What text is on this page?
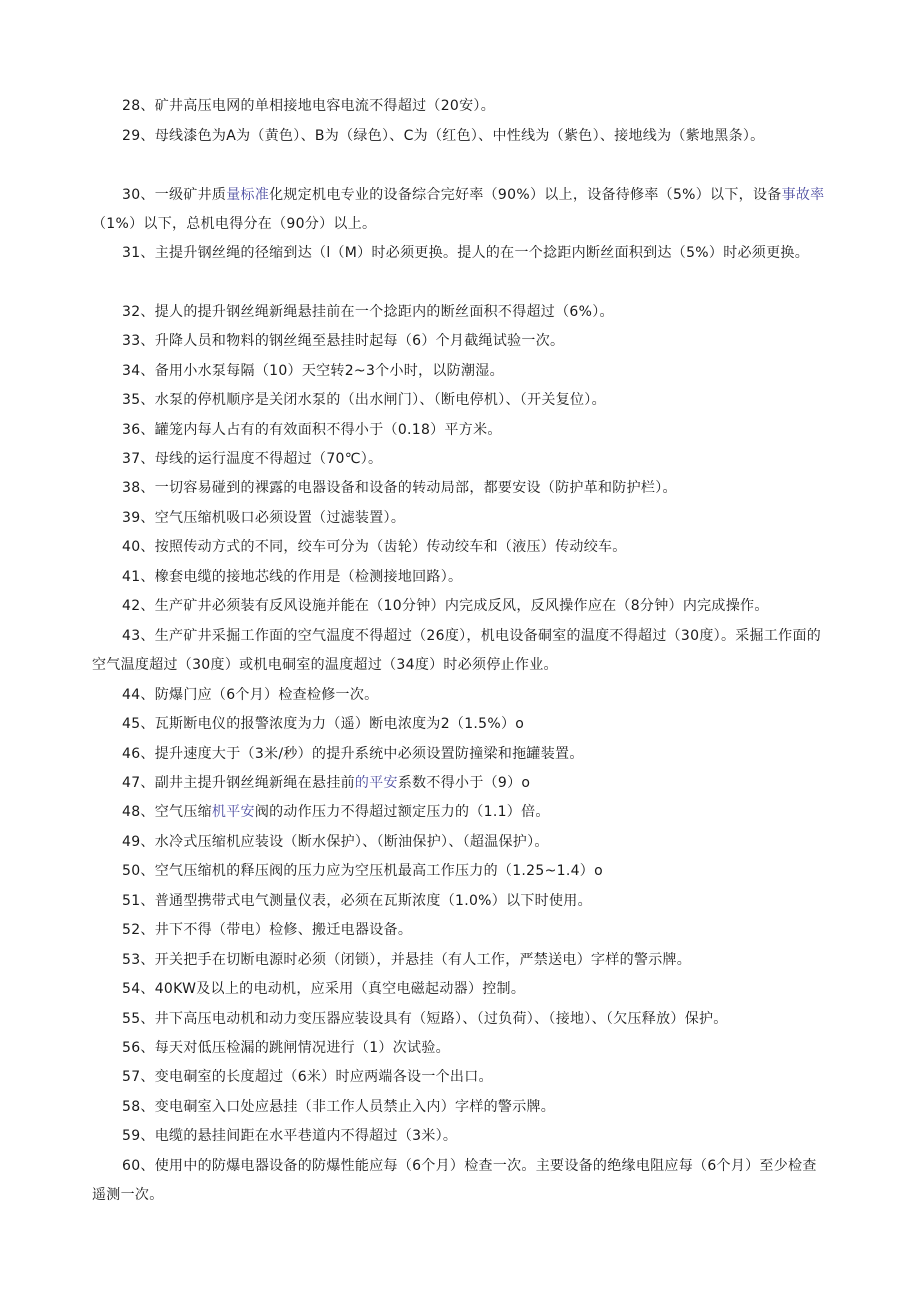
28、矿井高压电网的单相接地电容电流不得超过（20安）。

29、母线漆色为A为（黄色）、B为（绿色）、C为（红色）、中性线为（紫色）、接地线为（紫地黑条）。

30、一级矿井质量标准化规定机电专业的设备综合完好率（90%）以上，设备待修率（5%）以下，设备事故率（1%）以下，总机电得分在（90分）以上。

31、主提升钢丝绳的径缩到达（l（M）时必须更换。提人的在一个捻距内断丝面积到达（5%）时必须更换。

32、提人的提升钢丝绳新绳悬挂前在一个捻距内的断丝面积不得超过（6%）。

33、升降人员和物料的钢丝绳至悬挂时起每（6）个月截绳试验一次。

34、备用小水泵每隔（10）天空转2~3个小时，以防潮湿。

35、水泵的停机顺序是关闭水泵的（出水闸门）、（断电停机）、（开关复位）。

36、罐笼内每人占有的有效面积不得小于（0.18）平方米。

37、母线的运行温度不得超过（70℃）。

38、一切容易碰到的裸露的电器设备和设备的转动局部，都要安设（防护革和防护栏）。

39、空气压缩机吸口必须设置（过滤装置）。

40、按照传动方式的不同，绞车可分为（齿轮）传动绞车和（液压）传动绞车。

41、橡套电缆的接地芯线的作用是（检测接地回路）。

42、生产矿井必须装有反风设施并能在（10分钟）内完成反风，反风操作应在（8分钟）内完成操作。

43、生产矿井采掘工作面的空气温度不得超过（26度），机电设备硐室的温度不得超过（30度）。采掘工作面的空气温度超过（30度）或机电硐室的温度超过（34度）时必须停止作业。

44、防爆门应（6个月）检查检修一次。

45、瓦斯断电仪的报警浓度为力（遥）断电浓度为2（1.5%）o

46、提升速度大于（3米/秒）的提升系统中必须设置防撞梁和拖罐装置。

47、副井主提升钢丝绳新绳在悬挂前的平安系数不得小于（9）o

48、空气压缩机平安阀的动作压力不得超过额定压力的（1.1）倍。

49、水冷式压缩机应装设（断水保护）、（断油保护）、（超温保护）。

50、空气压缩机的释压阀的压力应为空压机最高工作压力的（1.25~1.4）o

51、普通型携带式电气测量仪表，必须在瓦斯浓度（1.0%）以下时使用。

52、井下不得（带电）检修、搬迁电器设备。

53、开关把手在切断电源时必须（闭锁），并悬挂（有人工作，严禁送电）字样的警示牌。

54、40KW及以上的电动机，应采用（真空电磁起动器）控制。

55、井下高压电动机和动力变压器应装设具有（短路）、（过负荷）、（接地）、（欠压释放）保护。

56、每天对低压检漏的跳闸情况进行（1）次试验。

57、变电硐室的长度超过（6米）时应两端各设一个出口。

58、变电硐室入口处应悬挂（非工作人员禁止入内）字样的警示牌。

59、电缆的悬挂间距在水平巷道内不得超过（3米）。

60、使用中的防爆电器设备的防爆性能应每（6个月）检查一次。主要设备的绝缘电阻应每（6个月）至少检查遥测一次。
